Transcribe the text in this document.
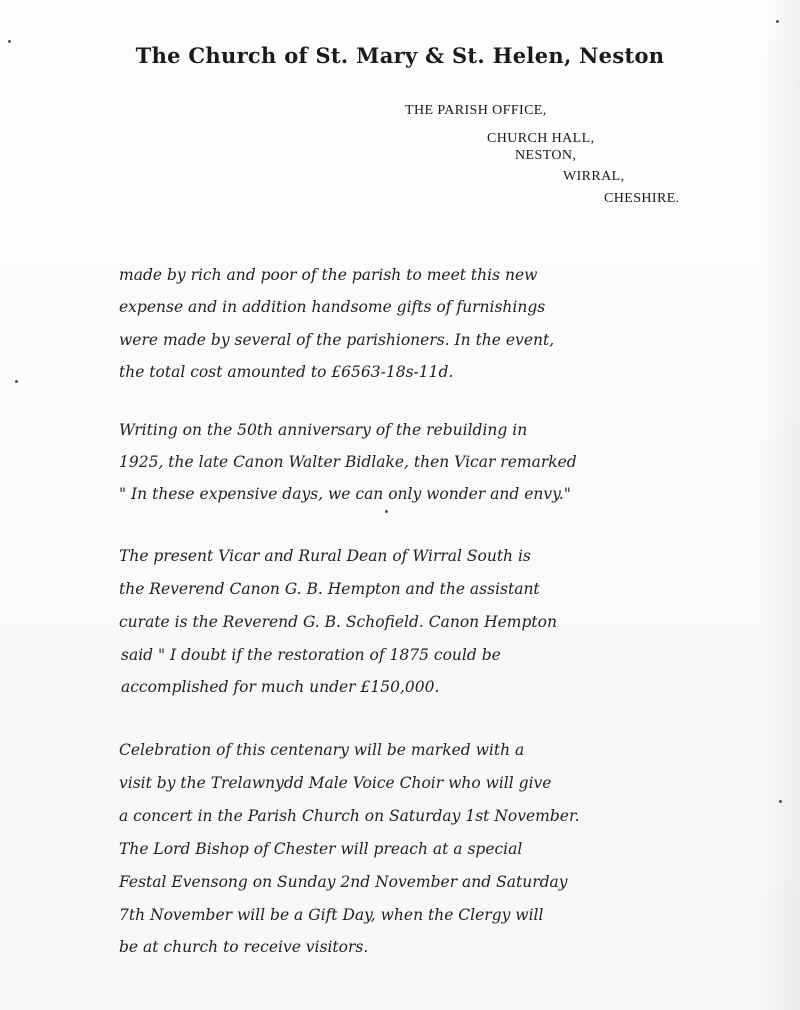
The Church of St. Mary & St. Helen, Neston
THE PARISH OFFICE,
CHURCH HALL,
NESTON,
WIRRAL,
CHESHIRE.
made by rich and poor of the parish to meet this new
expense and in addition handsome gifts of furnishings
were made by several of the parishioners. In the event,
the total cost amounted to £6563-18s-11d.
Writing on the 50th anniversary of the rebuilding in
1925, the late Canon Walter Bidlake, then Vicar remarked
" In these expensive days, we can only wonder and envy."
The present Vicar and Rural Dean of Wirral South is
the Reverend Canon G. B. Hempton and the assistant
curate is the Reverend G. B. Schofield. Canon Hempton
said " I doubt if the restoration of 1875 could be
accomplished for much under £150,000.
Celebration of this centenary will be marked with a
visit by the Trelawnydd Male Voice Choir who will give
a concert in the Parish Church on Saturday 1st November.
The Lord Bishop of Chester will preach at a special
Festal Evensong on Sunday 2nd November and Saturday
7th November will be a Gift Day, when the Clergy will
be at church to receive visitors.
